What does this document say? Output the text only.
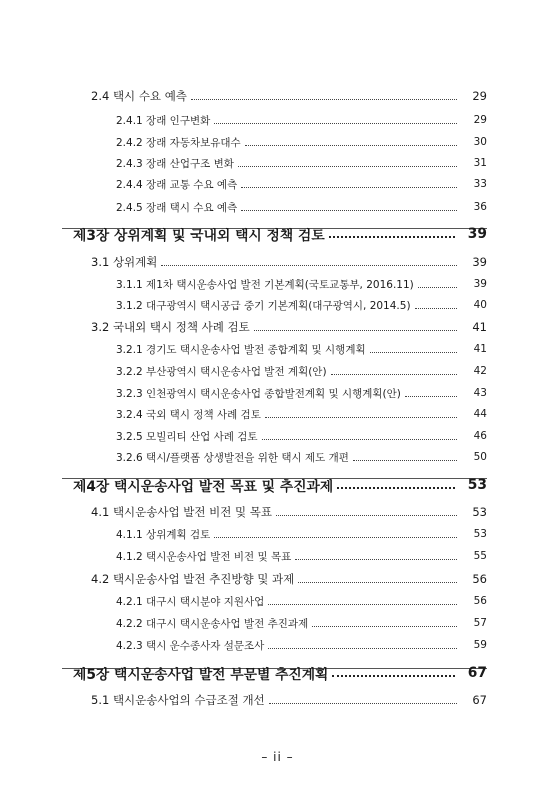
2.4 택시 수요 예측	29
2.4.1 장래 인구변화	29
2.4.2 장래 자동차보유대수	30
2.4.3 장래 산업구조 변화	31
2.4.4 장래 교통 수요 예측	33
2.4.5 장래 택시 수요 예측	36
제3장 상위계획 및 국내외 택시 정책 검토	39
3.1 상위계획	39
3.1.1 제1차 택시운송사업 발전 기본계획(국토교통부, 2016.11)	39
3.1.2 대구광역시 택시공급 중기 기본계획(대구광역시, 2014.5)	40
3.2 국내외 택시 정책 사례 검토	41
3.2.1 경기도 택시운송사업 발전 종합계획 및 시행계획	41
3.2.2 부산광역시 택시운송사업 발전 계획(안)	42
3.2.3 인천광역시 택시운송사업 종합발전계획 및 시행계획(안)	43
3.2.4 국외 택시 정책 사례 검토	44
3.2.5 모빌리티 산업 사례 검토	46
3.2.6 택시/플랫폼 상생발전을 위한 택시 제도 개편	50
제4장 택시운송사업 발전 목표 및 추진과제	53
4.1 택시운송사업 발전 비전 및 목표	53
4.1.1 상위계획 검토	53
4.1.2 택시운송사업 발전 비전 및 목표	55
4.2 택시운송사업 발전 추진방향 및 과제	56
4.2.1 대구시 택시분야 지원사업	56
4.2.2 대구시 택시운송사업 발전 추진과제	57
4.2.3 택시 운수종사자 설문조사	59
제5장 택시운송사업 발전 부문별 추진계획	67
5.1 택시운송사업의 수급조절 개선	67
– ii –
